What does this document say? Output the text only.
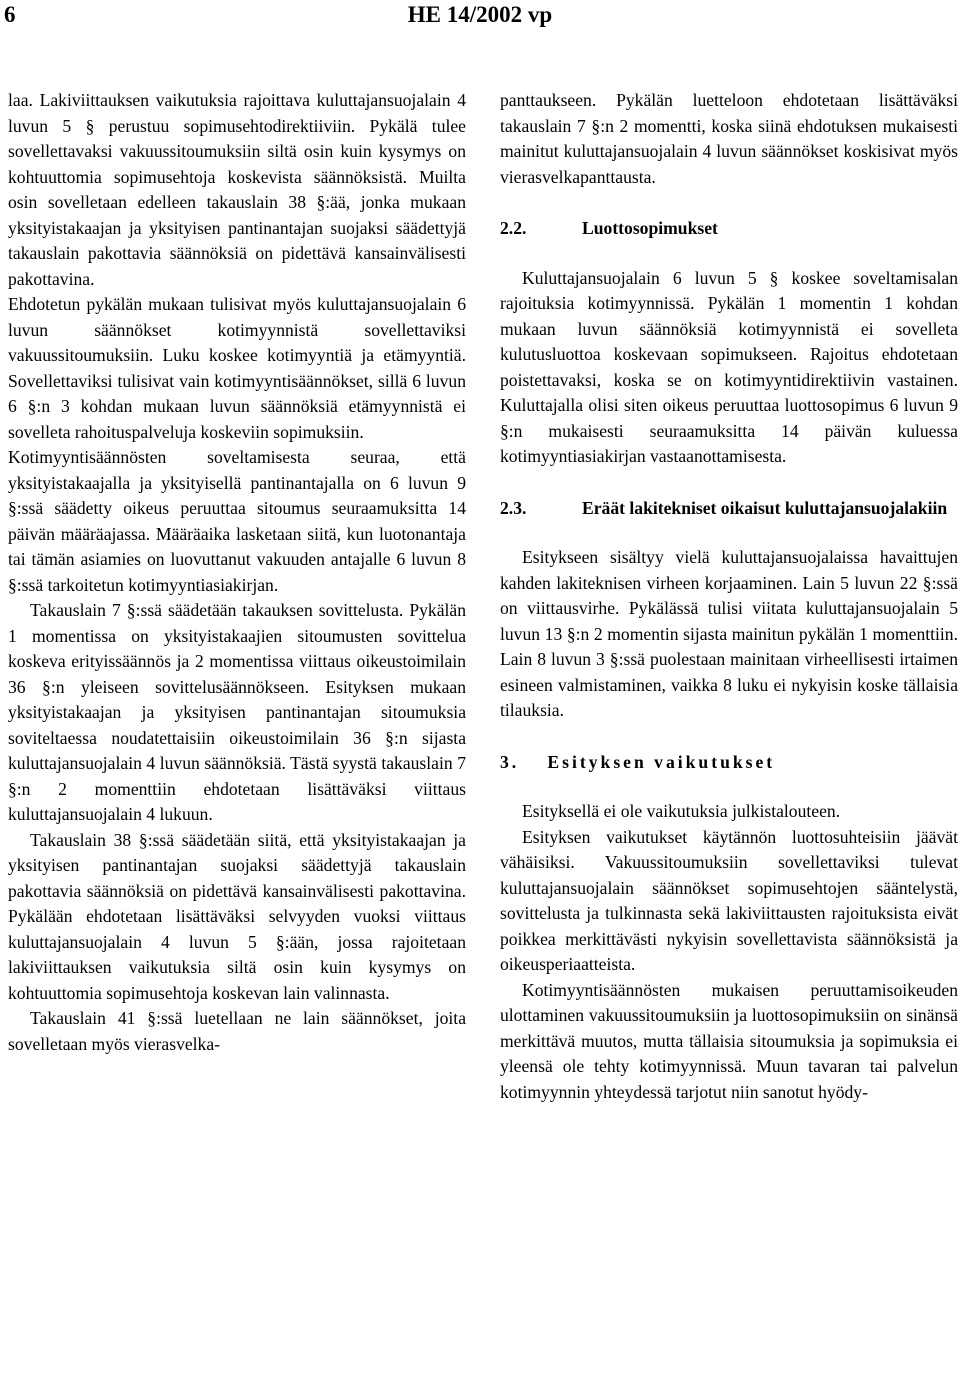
6	HE 14/2002 vp

laa. Lakiviittauksen vaikutuksia rajoittava kuluttajansuojalain 4 luvun 5 § perustuu sopimusehtodirektiiviin. Pykälä tulee sovellettavaksi vakuussitoumuksiin siltä osin kuin kysymys on kohtuuttomia sopimusehtoja koskevista säännöksistä. Muilta osin sovelletaan edelleen takauslain 38 §:ää, jonka mukaan yksityistakaajan ja yksityisen pantinantajan suojaksi säädettyjä takauslain pakottavia säännöksiä on pidettävä kansainvälisesti pakottavina.

Ehdotetun pykälän mukaan tulisivat myös kuluttajansuojalain 6 luvun säännökset kotimyynnistä sovellettaviksi vakuussitoumuksiin. Luku koskee kotimyyntiä ja etämyyntiä. Sovellettaviksi tulisivat vain kotimyyntisäännökset, sillä 6 luvun 6 §:n 3 kohdan mukaan luvun säännöksiä etämyynnistä ei sovelleta rahoituspalveluja koskeviin sopimuksiin.

Kotimyyntisäännösten soveltamisesta seuraa, että yksityistakaajalla ja yksityisellä pantinantajalla on 6 luvun 9 §:ssä säädetty oikeus peruuttaa sitoumus seuraamuksitta 14 päivän määräajassa. Määräaika lasketaan siitä, kun luotonantaja tai tämän asiamies on luovuttanut vakuuden antajalle 6 luvun 8 §:ssä tarkoitetun kotimyyntiasiakirjan.

Takauslain 7 §:ssä säädetään takauksen sovittelusta. Pykälän 1 momentissa on yksityistakaajien sitoumusten sovittelua koskeva erityissäännös ja 2 momentissa viittaus oikeustoimilain 36 §:n yleiseen sovittelusäännökseen. Esityksen mukaan yksityistakaajan ja yksityisen pantinantajan sitoumuksia soviteltaessa noudatettaisiin oikeustoimilain 36 §:n sijasta kuluttajansuojalain 4 luvun säännöksiä. Tästä syystä takauslain 7 §:n 2 momenttiin ehdotetaan lisättäväksi viittaus kuluttajansuojalain 4 lukuun.

Takauslain 38 §:ssä säädetään siitä, että yksityistakaajan ja yksityisen pantinantajan suojaksi säädettyjä takauslain pakottavia säännöksiä on pidettävä kansainvälisesti pakottavina. Pykälään ehdotetaan lisättäväksi selvyyden vuoksi viittaus kuluttajansuojalain 4 luvun 5 §:ään, jossa rajoitetaan lakiviittauksen vaikutuksia siltä osin kuin kysymys on kohtuuttomia sopimusehtoja koskevan lain valinnasta.

Takauslain 41 §:ssä luetellaan ne lain säännökset, joita sovelletaan myös vierasvelka-

panttaukseen. Pykälän luetteloon ehdotetaan lisättäväksi takauslain 7 §:n 2 momentti, koska siinä ehdotuksen mukaisesti mainitut kuluttajansuojalain 4 luvun säännökset koskisivat myös vierasvelkapanttausta.

2.2.	Luottosopimukset

Kuluttajansuojalain 6 luvun 5 § koskee soveltamisalan rajoituksia kotimyynnissä. Pykälän 1 momentin 1 kohdan mukaan luvun säännöksiä kotimyynnistä ei sovelleta kulutusluottoa koskevaan sopimukseen. Rajoitus ehdotetaan poistettavaksi, koska se on kotimyyntidirektiivin vastainen. Kuluttajalla olisi siten oikeus peruuttaa luottosopimus 6 luvun 9 §:n mukaisesti seuraamuksitta 14 päivän kuluessa kotimyyntiasiakirjan vastaanottamisesta.

2.3.	Eräät lakitekniset oikaisut kuluttajansuojalakiin

Esitykseen sisältyy vielä kuluttajansuojalaissa havaittujen kahden lakiteknisen virheen korjaaminen. Lain 5 luvun 22 §:ssä on viittausvirhe. Pykälässä tulisi viitata kuluttajansuojalain 5 luvun 13 §:n 2 momentin sijasta mainitun pykälän 1 momenttiin. Lain 8 luvun 3 §:ssä puolestaan mainitaan virheellisesti irtaimen esineen valmistaminen, vaikka 8 luku ei nykyisin koske tällaisia tilauksia.

3. Esityksen vaikutukset

Esityksellä ei ole vaikutuksia julkistalouteen.

Esityksen vaikutukset käytännön luottosuhteisiin jäävät vähäisiksi. Vakuussitoumuksiin sovellettaviksi tulevat kuluttajansuojalain säännökset sopimusehtojen sääntelystä, sovittelusta ja tulkinnasta sekä lakiviittausten rajoituksista eivät poikkea merkittävästi nykyisin sovellettavista säännöksistä ja oikeusperiaatteista.

Kotimyyntisäännösten mukaisen peruuttamisoikeuden ulottaminen vakuussitoumuksiin ja luottosopimuksiin on sinänsä merkittävä muutos, mutta tällaisia sitoumuksia ja sopimuksia ei yleensä ole tehty kotimyynnissä. Muun tavaran tai palvelun kotimyynnin yhteydessä tarjotut niin sanotut hyödy-
